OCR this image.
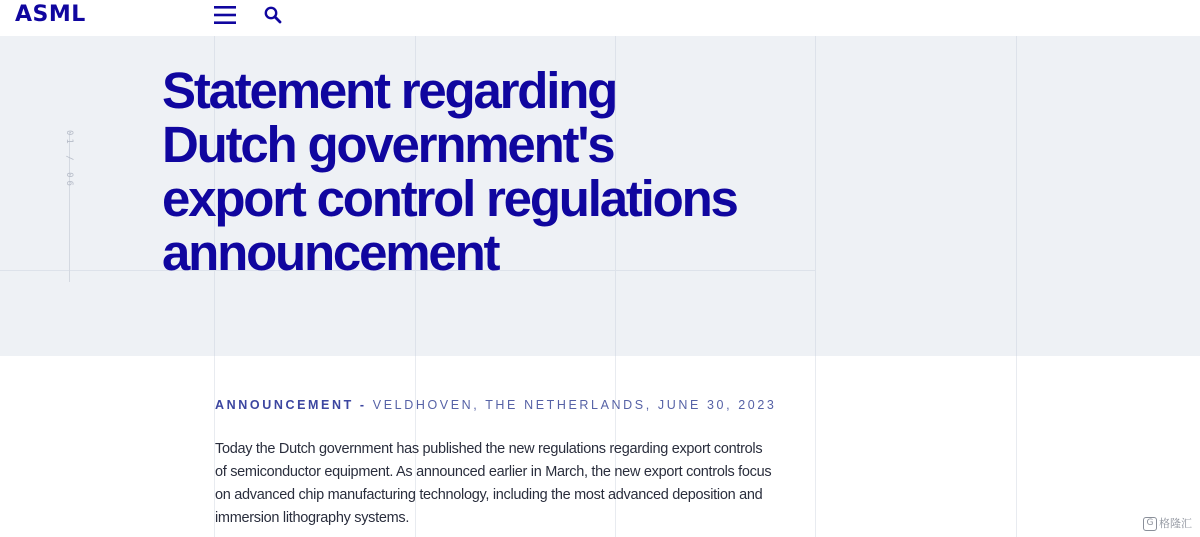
ASML
01 / 06
Statement regarding
Dutch government's
export control regulations
announcement
ANNOUNCEMENT - VELDHOVEN, THE NETHERLANDS, JUNE 30, 2023

Today the Dutch government has published the new regulations regarding export controls of semiconductor equipment. As announced earlier in March, the new export controls focus on advanced chip manufacturing technology, including the most advanced deposition and immersion lithography systems.	G 格隆汇
